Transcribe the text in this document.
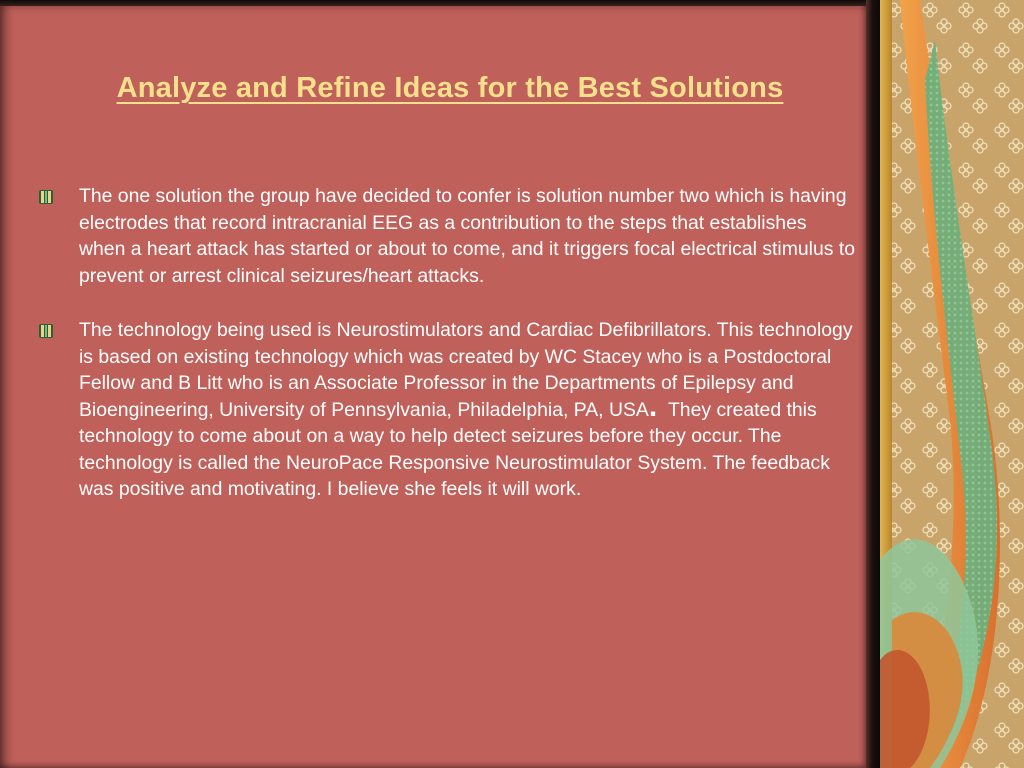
Analyze and Refine Ideas for the Best Solutions
The one solution the group have decided to confer is solution number two which is having electrodes that record intracranial EEG as a contribution to the steps that establishes when a heart attack has started or about to come, and it triggers focal electrical stimulus to prevent or arrest clinical seizures/heart attacks.
The technology being used is Neurostimulators and Cardiac Defibrillators. This technology is based on existing technology which was created by WC Stacey who is a Postdoctoral Fellow and B Litt who is an Associate Professor in the Departments of Epilepsy and Bioengineering, University of Pennsylvania, Philadelphia, PA, USA. They created this technology to come about on a way to help detect seizures before they occur. The technology is called the NeuroPace Responsive Neurostimulator System. The feedback was positive and motivating. I believe she feels it will work.
